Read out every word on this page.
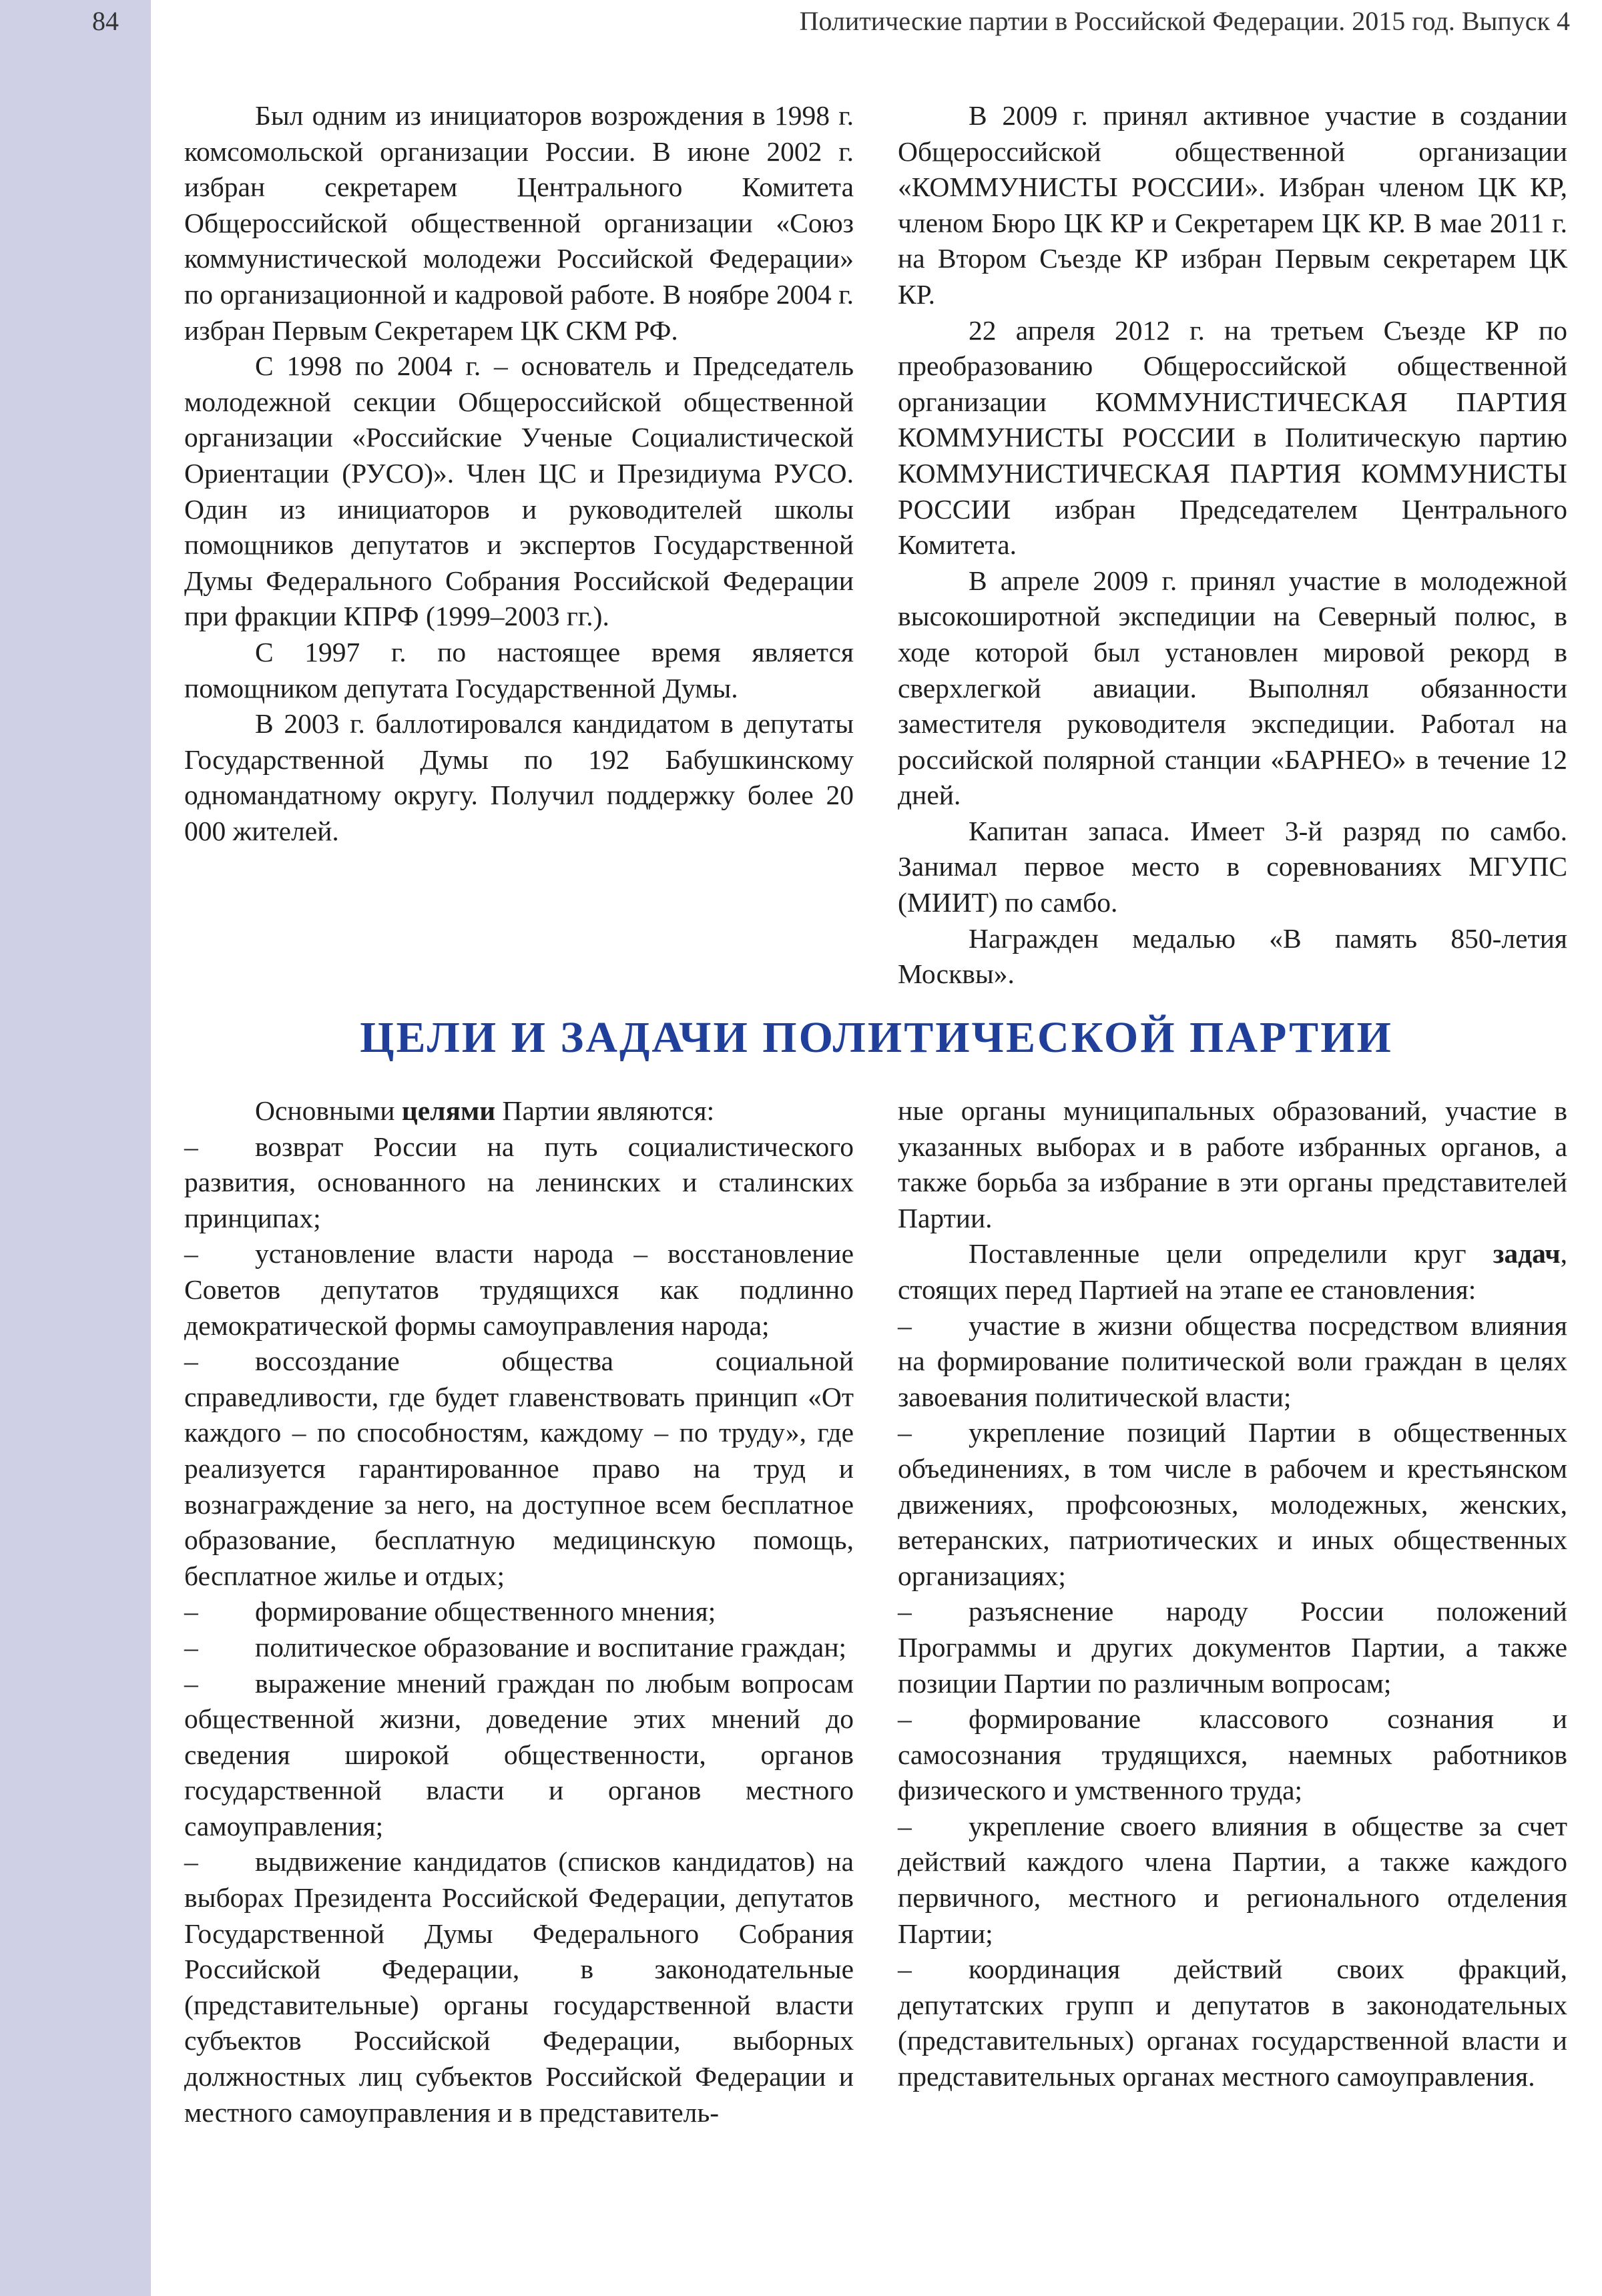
84	Политические партии в Российской Федерации. 2015 год. Выпуск 4

Был одним из инициаторов возрождения в 1998 г. комсомольской организации России. В июне 2002 г. избран секретарем Центрального Комитета Общероссийской общественной организации «Союз коммунистической молодежи Российской Федерации» по организационной и кадровой работе. В ноябре 2004 г. избран Первым Секретарем ЦК СКМ РФ.

С 1998 по 2004 г. – основатель и Председатель молодежной секции Общероссийской общественной организации «Российские Ученые Социалистической Ориентации (РУСО)». Член ЦС и Президиума РУСО. Один из инициаторов и руководителей школы помощников депутатов и экспертов Государственной Думы Федерального Собрания Российской Федерации при фракции КПРФ (1999–2003 гг.).

С 1997 г. по настоящее время является помощником депутата Государственной Думы.

В 2003 г. баллотировался кандидатом в депутаты Государственной Думы по 192 Бабушкинскому одномандатному округу. Получил поддержку более 20 000 жителей.

В 2009 г. принял активное участие в создании Общероссийской общественной организации «КОММУНИСТЫ РОССИИ». Избран членом ЦК КР, членом Бюро ЦК КР и Секретарем ЦК КР. В мае 2011 г. на Втором Съезде КР избран Первым секретарем ЦК КР.

22 апреля 2012 г. на третьем Съезде КР по преобразованию Общероссийской общественной организации КОММУНИСТИЧЕСКАЯ ПАРТИЯ КОММУНИСТЫ РОССИИ в Политическую партию КОММУНИСТИЧЕСКАЯ ПАРТИЯ КОММУНИСТЫ РОССИИ избран Председателем Центрального Комитета.

В апреле 2009 г. принял участие в молодежной высокоширотной экспедиции на Северный полюс, в ходе которой был установлен мировой рекорд в сверхлегкой авиации. Выполнял обязанности заместителя руководителя экспедиции. Работал на российской полярной станции «БАРНЕО» в течение 12 дней.

Капитан запаса. Имеет 3-й разряд по самбо. Занимал первое место в соревнованиях МГУПС (МИИТ) по самбо.

Награжден медалью «В память 850-летия Москвы».

ЦЕЛИ И ЗАДАЧИ ПОЛИТИЧЕСКОЙ ПАРТИИ

Основными целями Партии являются:

– возврат России на путь социалистического развития, основанного на ленинских и сталинских принципах;

– установление власти народа – восстановление Советов депутатов трудящихся как подлинно демократической формы самоуправления народа;

– воссоздание общества социальной справедливости, где будет главенствовать принцип «От каждого – по способностям, каждому – по труду», где реализуется гарантированное право на труд и вознаграждение за него, на доступное всем бесплатное образование, бесплатную медицинскую помощь, бесплатное жилье и отдых;

– формирование общественного мнения;

– политическое образование и воспитание граждан;

– выражение мнений граждан по любым вопросам общественной жизни, доведение этих мнений до сведения широкой общественности, органов государственной власти и органов местного самоуправления;

– выдвижение кандидатов (списков кандидатов) на выборах Президента Российской Федерации, депутатов Государственной Думы Федерального Собрания Российской Федерации, в законодательные (представительные) органы государственной власти субъектов Российской Федерации, выборных должностных лиц субъектов Российской Федерации и местного самоуправления и в представитель-

ные органы муниципальных образований, участие в указанных выборах и в работе избранных органов, а также борьба за избрание в эти органы представителей Партии.

Поставленные цели определили круг задач, стоящих перед Партией на этапе ее становления:

– участие в жизни общества посредством влияния на формирование политической воли граждан в целях завоевания политической власти;

– укрепление позиций Партии в общественных объединениях, в том числе в рабочем и крестьянском движениях, профсоюзных, молодежных, женских, ветеранских, патриотических и иных общественных организациях;

– разъяснение народу России положений Программы и других документов Партии, а также позиции Партии по различным вопросам;

– формирование классового сознания и самосознания трудящихся, наемных работников физического и умственного труда;

– укрепление своего влияния в обществе за счет действий каждого члена Партии, а также каждого первичного, местного и регионального отделения Партии;

– координация действий своих фракций, депутатских групп и депутатов в законодательных (представительных) органах государственной власти и представительных органах местного самоуправления.
